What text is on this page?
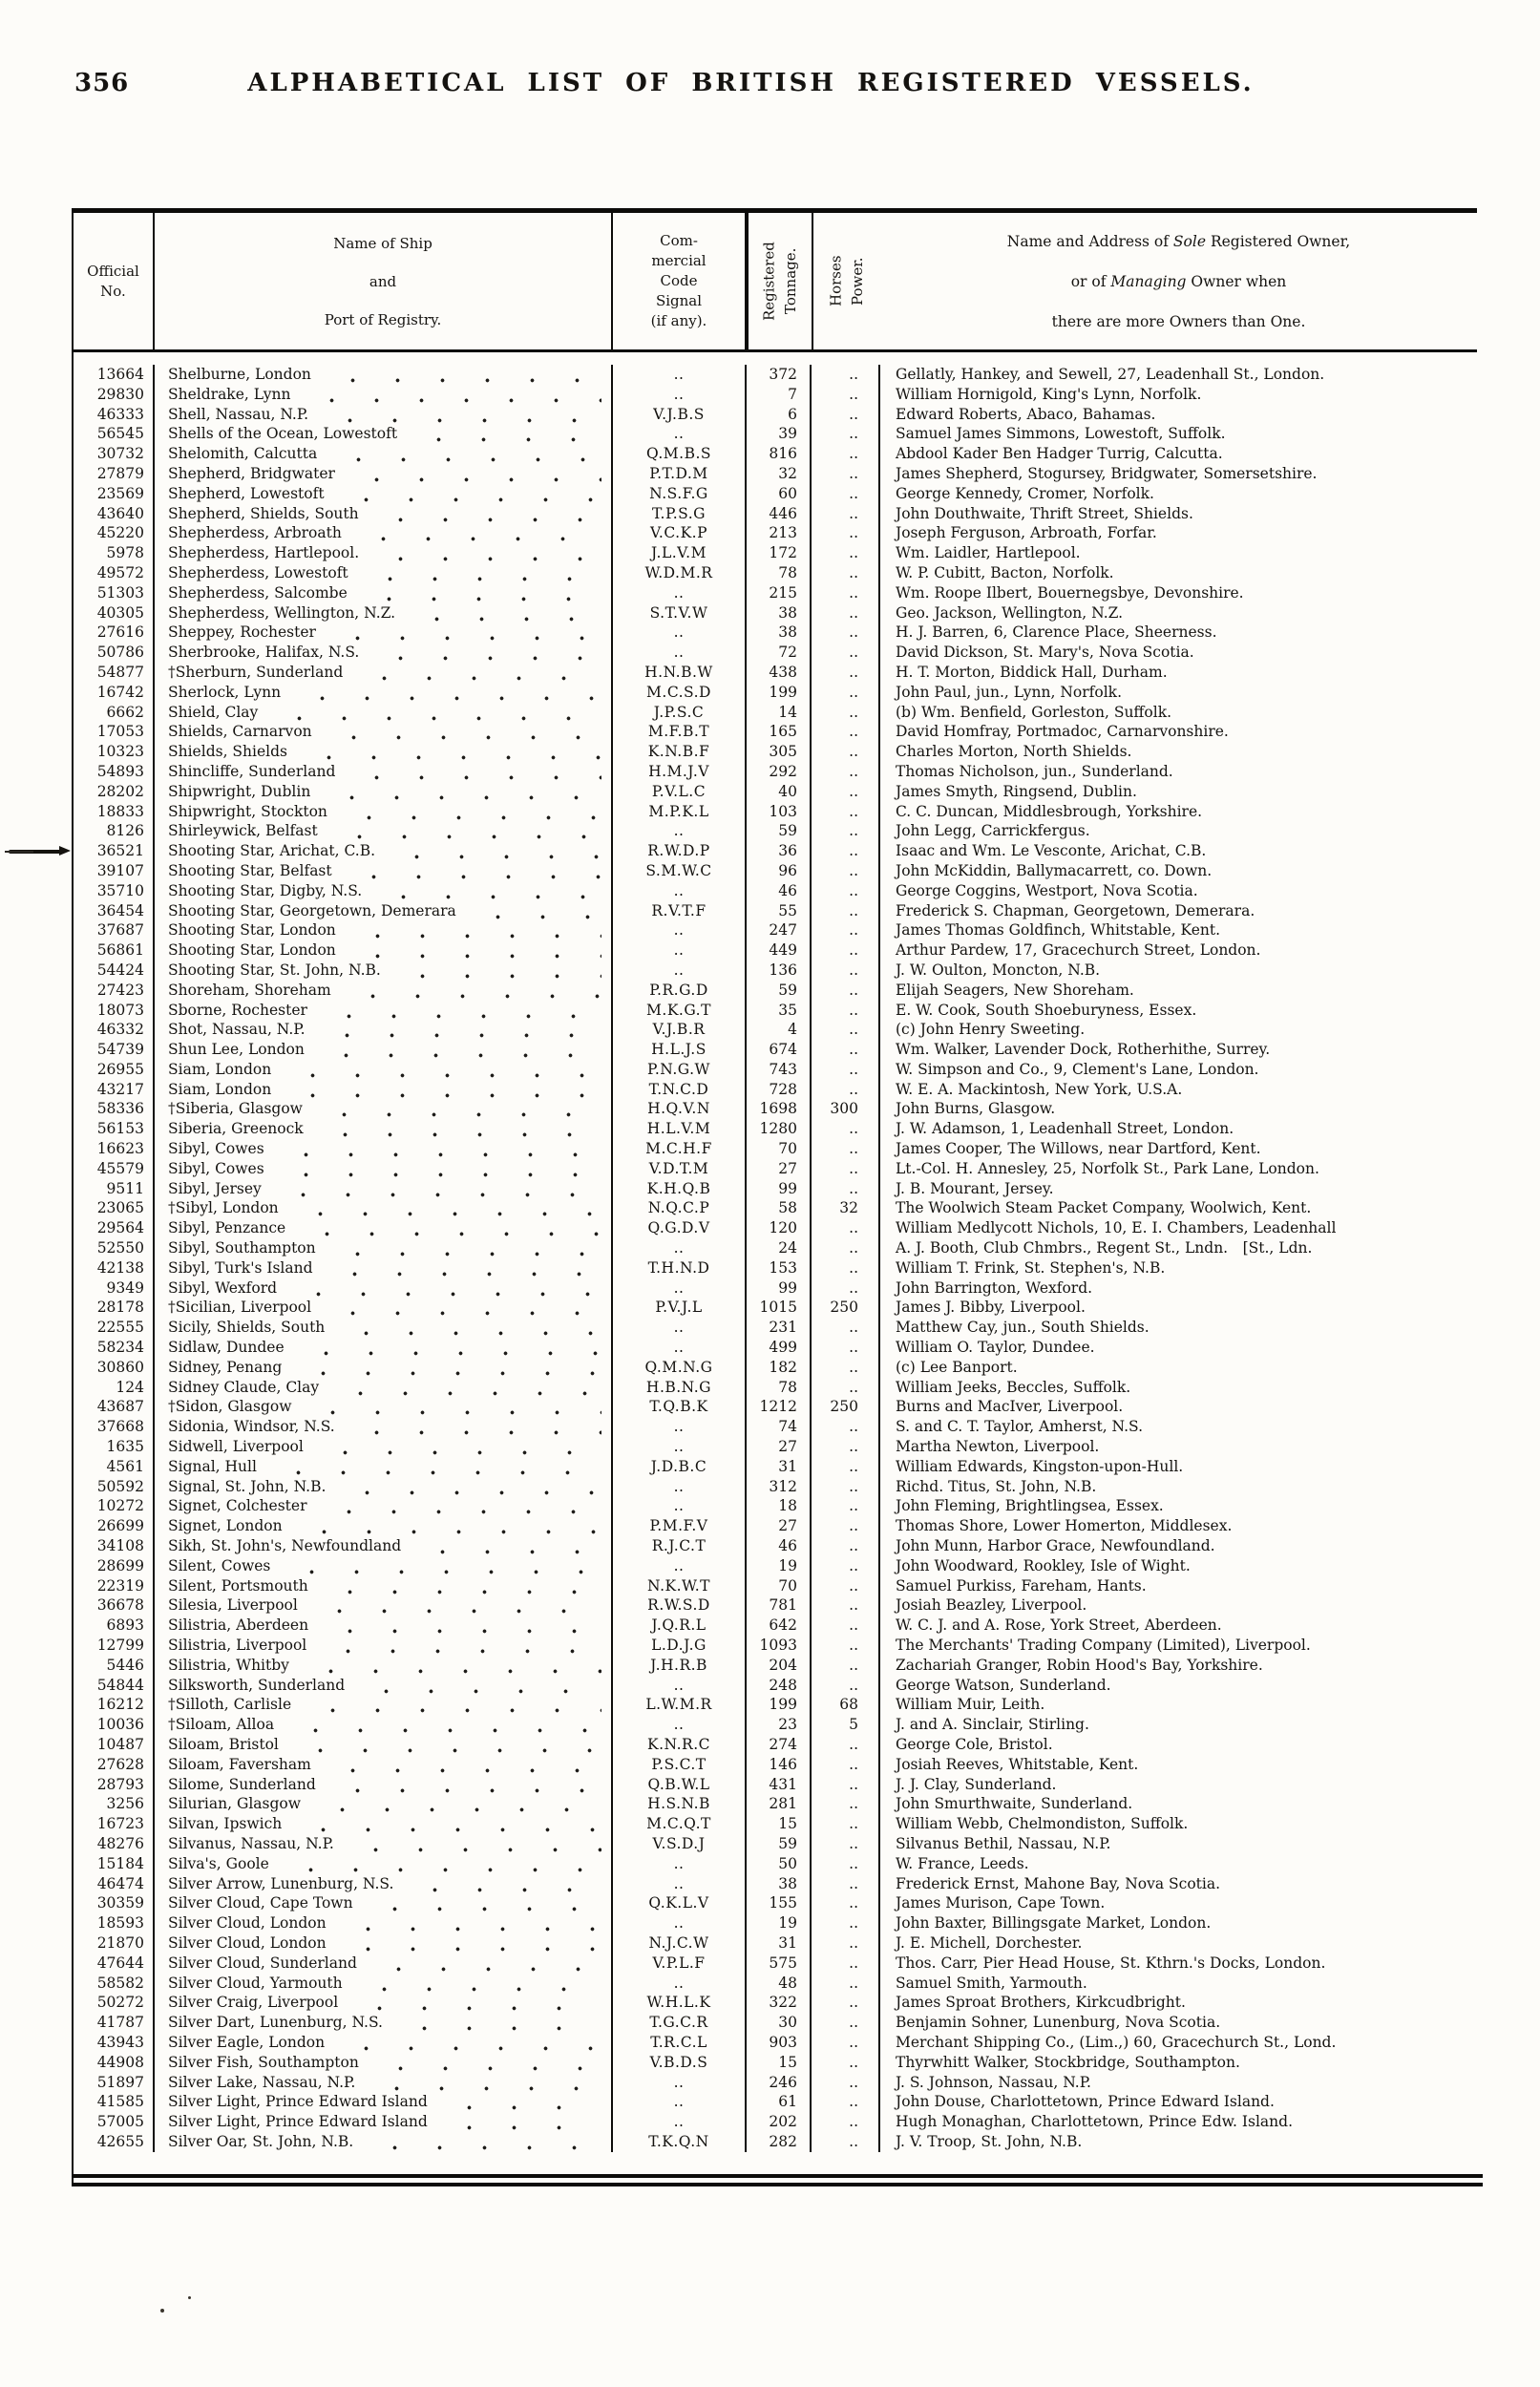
356	ALPHABETICAL LIST OF BRITISH REGISTERED VESSELS.
Official
No.
Name of Ship
and
Port of Registry.
Com-
mercial
Code
Signal
(if any).
Registered Tonnage. Horses Power.
Name and Address of Sole Registered Owner,
or of Managing Owner when
there are more Owners than One.
13664	Shelburne, London	..	372	..	Gellatly, Hankey, and Sewell, 27, Leadenhall St., London.
29830	Sheldrake, Lynn	..	7	..	William Hornigold, King's Lynn, Norfolk.
46333	Shell, Nassau, N.P.	V.J.B.S	6	..	Edward Roberts, Abaco, Bahamas.
56545	Shells of the Ocean, Lowestoft	..	39	..	Samuel James Simmons, Lowestoft, Suffolk.
30732	Shelomith, Calcutta	Q.M.B.S	816	..	Abdool Kader Ben Hadger Turrig, Calcutta.
27879	Shepherd, Bridgwater	P.T.D.M	32	..	James Shepherd, Stogursey, Bridgwater, Somersetshire.
23569	Shepherd, Lowestoft	N.S.F.G	60	..	George Kennedy, Cromer, Norfolk.
43640	Shepherd, Shields, South	T.P.S.G	446	..	John Douthwaite, Thrift Street, Shields.
45220	Shepherdess, Arbroath	V.C.K.P	213	..	Joseph Ferguson, Arbroath, Forfar.
5978	Shepherdess, Hartlepool.	J.L.V.M	172	..	Wm. Laidler, Hartlepool.
49572	Shepherdess, Lowestoft	W.D.M.R	78	..	W. P. Cubitt, Bacton, Norfolk.
51303	Shepherdess, Salcombe	..	215	..	Wm. Roope Ilbert, Bouernegsbye, Devonshire.
40305	Shepherdess, Wellington, N.Z.	S.T.V.W	38	..	Geo. Jackson, Wellington, N.Z.
27616	Sheppey, Rochester	..	38	..	H. J. Barren, 6, Clarence Place, Sheerness.
50786	Sherbrooke, Halifax, N.S.	..	72	..	David Dickson, St. Mary's, Nova Scotia.
54877	†Sherburn, Sunderland	H.N.B.W	438	..	H. T. Morton, Biddick Hall, Durham.
16742	Sherlock, Lynn	M.C.S.D	199	..	John Paul, jun., Lynn, Norfolk.
6662	Shield, Clay	J.P.S.C	14	..	(b) Wm. Benfield, Gorleston, Suffolk.
17053	Shields, Carnarvon	M.F.B.T	165	..	David Homfray, Portmadoc, Carnarvonshire.
10323	Shields, Shields	K.N.B.F	305	..	Charles Morton, North Shields.
54893	Shincliffe, Sunderland	H.M.J.V	292	..	Thomas Nicholson, jun., Sunderland.
28202	Shipwright, Dublin	P.V.L.C	40	..	James Smyth, Ringsend, Dublin.
18833	Shipwright, Stockton	M.P.K.L	103	..	C. C. Duncan, Middlesbrough, Yorkshire.
8126	Shirleywick, Belfast	..	59	..	John Legg, Carrickfergus.
36521	Shooting Star, Arichat, C.B.	R.W.D.P	36	..	Isaac and Wm. Le Vesconte, Arichat, C.B.
39107	Shooting Star, Belfast	S.M.W.C	96	..	John McKiddin, Ballymacarrett, co. Down.
35710	Shooting Star, Digby, N.S.	..	46	..	George Coggins, Westport, Nova Scotia.
36454	Shooting Star, Georgetown, Demerara	R.V.T.F	55	..	Frederick S. Chapman, Georgetown, Demerara.
37687	Shooting Star, London	..	247	..	James Thomas Goldfinch, Whitstable, Kent.
56861	Shooting Star, London	..	449	..	Arthur Pardew, 17, Gracechurch Street, London.
54424	Shooting Star, St. John, N.B.	..	136	..	J. W. Oulton, Moncton, N.B.
27423	Shoreham, Shoreham	P.R.G.D	59	..	Elijah Seagers, New Shoreham.
18073	Sborne, Rochester	M.K.G.T	35	..	E. W. Cook, South Shoeburyness, Essex.
46332	Shot, Nassau, N.P.	V.J.B.R	4	..	(c) John Henry Sweeting.
54739	Shun Lee, London	H.L.J.S	674	..	Wm. Walker, Lavender Dock, Rotherhithe, Surrey.
26955	Siam, London	P.N.G.W	743	..	W. Simpson and Co., 9, Clement's Lane, London.
43217	Siam, London	T.N.C.D	728	..	W. E. A. Mackintosh, New York, U.S.A.
58336	†Siberia, Glasgow	H.Q.V.N	1698	300	John Burns, Glasgow.
56153	Siberia, Greenock	H.L.V.M	1280	..	J. W. Adamson, 1, Leadenhall Street, London.
16623	Sibyl, Cowes	M.C.H.F	70	..	James Cooper, The Willows, near Dartford, Kent.
45579	Sibyl, Cowes	V.D.T.M	27	..	Lt.-Col. H. Annesley, 25, Norfolk St., Park Lane, London.
9511	Sibyl, Jersey	K.H.Q.B	99	..	J. B. Mourant, Jersey.
23065	†Sibyl, London	N.Q.C.P	58	32	The Woolwich Steam Packet Company, Woolwich, Kent.
29564	Sibyl, Penzance	Q.G.D.V	120	..	William Medlycott Nichols, 10, E. I. Chambers, Leadenhall
52550	Sibyl, Southampton	..	24	..	A. J. Booth, Club Chmbrs., Regent St., Lndn. [St., Ldn.
42138	Sibyl, Turk's Island	T.H.N.D	153	..	William T. Frink, St. Stephen's, N.B.
9349	Sibyl, Wexford	..	99	..	John Barrington, Wexford.
28178	†Sicilian, Liverpool	P.V.J.L	1015	250	James J. Bibby, Liverpool.
22555	Sicily, Shields, South	..	231	..	Matthew Cay, jun., South Shields.
58234	Sidlaw, Dundee	..	499	..	William O. Taylor, Dundee.
30860	Sidney, Penang	Q.M.N.G	182	..	(c) Lee Banport.
124	Sidney Claude, Clay	H.B.N.G	78	..	William Jeeks, Beccles, Suffolk.
43687	†Sidon, Glasgow	T.Q.B.K	1212	250	Burns and MacIver, Liverpool.
37668	Sidonia, Windsor, N.S.	..	74	..	S. and C. T. Taylor, Amherst, N.S.
1635	Sidwell, Liverpool	..	27	..	Martha Newton, Liverpool.
4561	Signal, Hull	J.D.B.C	31	..	William Edwards, Kingston-upon-Hull.
50592	Signal, St. John, N.B.	..	312	..	Richd. Titus, St. John, N.B.
10272	Signet, Colchester	..	18	..	John Fleming, Brightlingsea, Essex.
26699	Signet, London	P.M.F.V	27	..	Thomas Shore, Lower Homerton, Middlesex.
34108	Sikh, St. John's, Newfoundland	R.J.C.T	46	..	John Munn, Harbor Grace, Newfoundland.
28699	Silent, Cowes	..	19	..	John Woodward, Rookley, Isle of Wight.
22319	Silent, Portsmouth	N.K.W.T	70	..	Samuel Purkiss, Fareham, Hants.
36678	Silesia, Liverpool	R.W.S.D	781	..	Josiah Beazley, Liverpool.
6893	Silistria, Aberdeen	J.Q.R.L	642	..	W. C. J. and A. Rose, York Street, Aberdeen.
12799	Silistria, Liverpool	L.D.J.G	1093	..	The Merchants' Trading Company (Limited), Liverpool.
5446	Silistria, Whitby	J.H.R.B	204	..	Zachariah Granger, Robin Hood's Bay, Yorkshire.
54844	Silksworth, Sunderland	..	248	..	George Watson, Sunderland.
16212	†Silloth, Carlisle	L.W.M.R	199	68	William Muir, Leith.
10036	†Siloam, Alloa	..	23	5	J. and A. Sinclair, Stirling.
10487	Siloam, Bristol	K.N.R.C	274	..	George Cole, Bristol.
27628	Siloam, Faversham	P.S.C.T	146	..	Josiah Reeves, Whitstable, Kent.
28793	Silome, Sunderland	Q.B.W.L	431	..	J. J. Clay, Sunderland.
3256	Silurian, Glasgow	H.S.N.B	281	..	John Smurthwaite, Sunderland.
16723	Silvan, Ipswich	M.C.Q.T	15	..	William Webb, Chelmondiston, Suffolk.
48276	Silvanus, Nassau, N.P.	V.S.D.J	59	..	Silvanus Bethil, Nassau, N.P.
15184	Silva's, Goole	..	50	..	W. France, Leeds.
46474	Silver Arrow, Lunenburg, N.S.	..	38	..	Frederick Ernst, Mahone Bay, Nova Scotia.
30359	Silver Cloud, Cape Town	Q.K.L.V	155	..	James Murison, Cape Town.
18593	Silver Cloud, London	..	19	..	John Baxter, Billingsgate Market, London.
21870	Silver Cloud, London	N.J.C.W	31	..	J. E. Michell, Dorchester.
47644	Silver Cloud, Sunderland	V.P.L.F	575	..	Thos. Carr, Pier Head House, St. Kthrn.'s Docks, London.
58582	Silver Cloud, Yarmouth	..	48	..	Samuel Smith, Yarmouth.
50272	Silver Craig, Liverpool	W.H.L.K	322	..	James Sproat Brothers, Kirkcudbright.
41787	Silver Dart, Lunenburg, N.S.	T.G.C.R	30	..	Benjamin Sohner, Lunenburg, Nova Scotia.
43943	Silver Eagle, London	T.R.C.L	903	..	Merchant Shipping Co., (Lim.,) 60, Gracechurch St., Lond.
44908	Silver Fish, Southampton	V.B.D.S	15	..	Thyrwhitt Walker, Stockbridge, Southampton.
51897	Silver Lake, Nassau, N.P.	..	246	..	J. S. Johnson, Nassau, N.P.
41585	Silver Light, Prince Edward Island	..	61	..	John Douse, Charlottetown, Prince Edward Island.
57005	Silver Light, Prince Edward Island	..	202	..	Hugh Monaghan, Charlottetown, Prince Edw. Island.
42655	Silver Oar, St. John, N.B.	T.K.Q.N	282	..	J. V. Troop, St. John, N.B.
